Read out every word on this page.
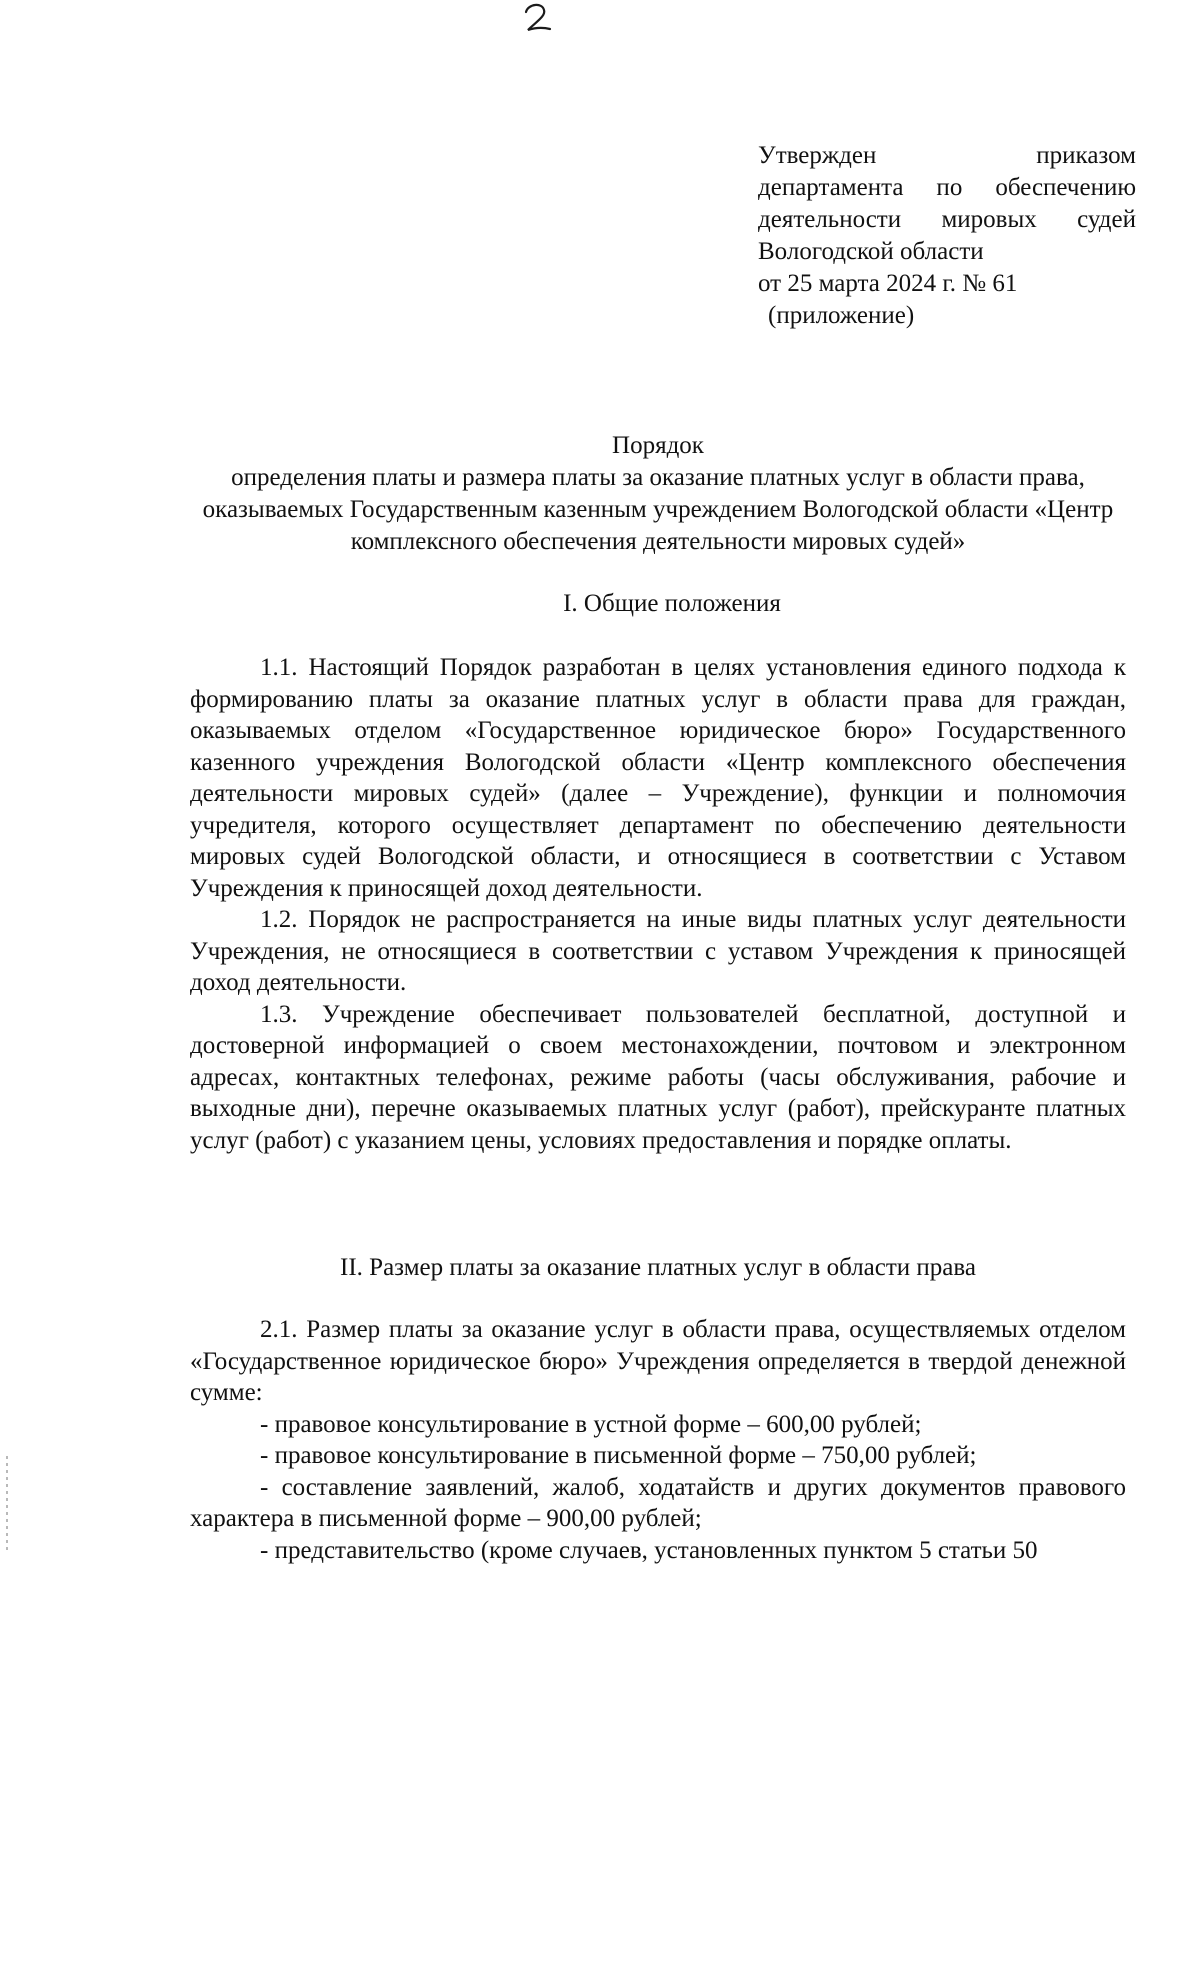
Утвержден	приказом
департамента по обеспечению
деятельности мировых судей
Вологодской области
от 25 марта 2024 г. № 61
(приложение)
Порядок
определения платы и размера платы за оказание платных услуг в области права, оказываемых Государственным казенным учреждением Вологодской области «Центр комплексного обеспечения деятельности мировых судей»
I. Общие положения

1.1. Настоящий Порядок разработан в целях установления единого подхода к формированию платы за оказание платных услуг в области права для граждан, оказываемых отделом «Государственное юридическое бюро» Государственного казенного учреждения Вологодской области «Центр комплексного обеспечения деятельности мировых судей» (далее – Учреждение), функции и полномочия учредителя, которого осуществляет департамент по обеспечению деятельности мировых судей Вологодской области, и относящиеся в соответствии с Уставом Учреждения к приносящей доход деятельности.

1.2. Порядок не распространяется на иные виды платных услуг деятельности Учреждения, не относящиеся в соответствии с уставом Учреждения к приносящей доход деятельности.

1.3. Учреждение обеспечивает пользователей бесплатной, доступной и достоверной информацией о своем местонахождении, почтовом и электронном адресах, контактных телефонах, режиме работы (часы обслуживания, рабочие и выходные дни), перечне оказываемых платных услуг (работ), прейскуранте платных услуг (работ) с указанием цены, условиях предоставления и порядке оплаты.

II. Размер платы за оказание платных услуг в области права

2.1. Размер платы за оказание услуг в области права, осуществляемых отделом «Государственное юридическое бюро» Учреждения определяется в твердой денежной сумме:

- правовое консультирование в устной форме – 600,00 рублей;

- правовое консультирование в письменной форме – 750,00 рублей;

- составление заявлений, жалоб, ходатайств и других документов правового характера в письменной форме – 900,00 рублей;

- представительство (кроме случаев, установленных пунктом 5 статьи 50
